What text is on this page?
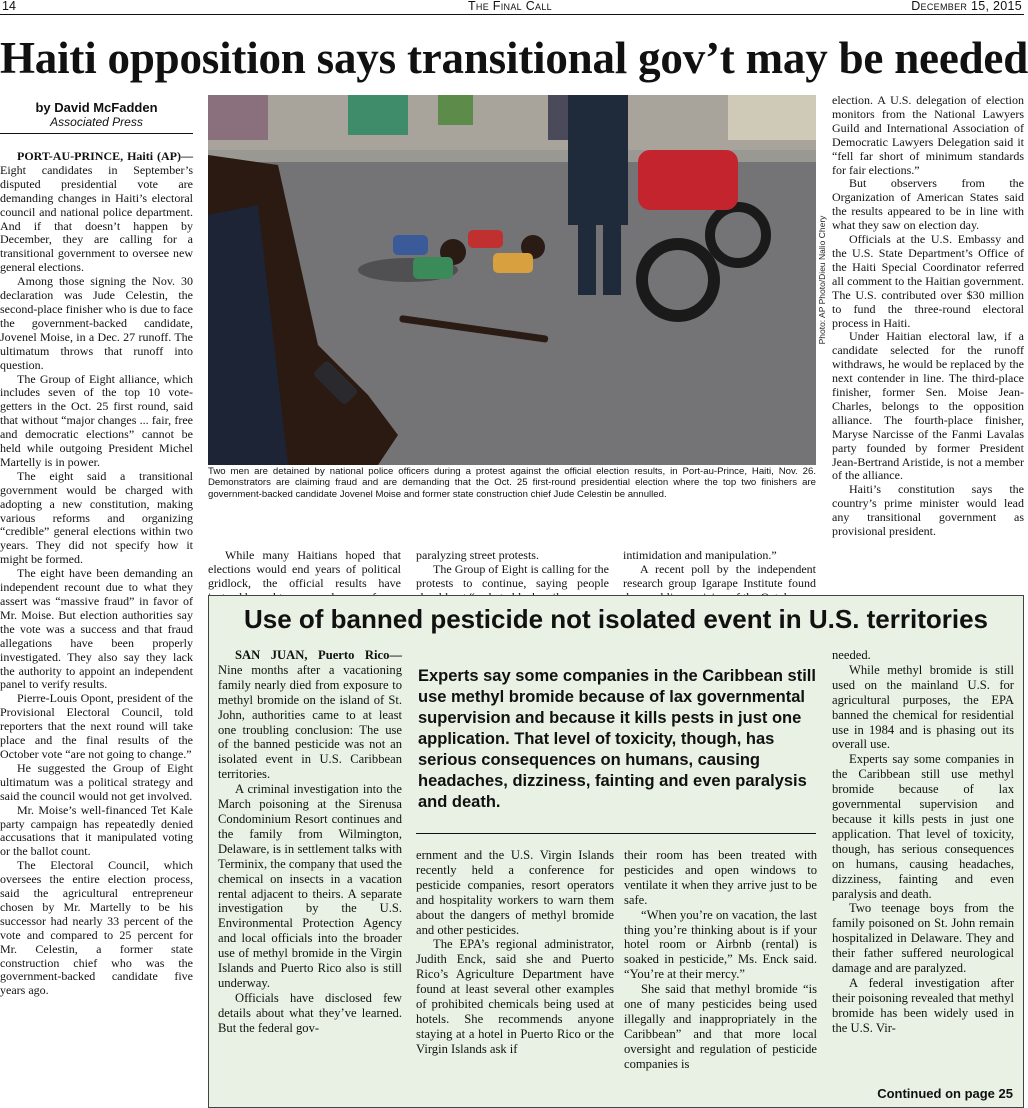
14	The Final Call	December 15, 2015
Haiti opposition says transitional gov’t may be needed
by David McFadden
Associated Press

PORT-AU-PRINCE, Haiti (AP)—Eight candidates in September’s disputed presidential vote are demanding changes in Haiti’s electoral council and national police department. And if that doesn’t happen by December, they are calling for a transitional government to oversee new general elections.

Among those signing the Nov. 30 declaration was Jude Celestin, the second-place finisher who is due to face the government-backed candidate, Jovenel Moise, in a Dec. 27 runoff. The ultimatum throws that runoff into question.

The Group of Eight alliance, which includes seven of the top 10 vote-getters in the Oct. 25 first round, said that without “major changes ... fair, free and democratic elections” cannot be held while outgoing President Michel Martelly is in power.

The eight said a transitional government would be charged with adopting a new constitution, making various reforms and organizing “credible” general elections within two years. They did not specify how it might be formed.

The eight have been demanding an independent recount due to what they assert was “massive fraud” in favor of Mr. Moise. But election authorities say the vote was a success and that fraud allegations have been properly investigated. They also say they lack the authority to appoint an independent panel to verify results.

Pierre-Louis Opont, president of the Provisional Electoral Council, told reporters that the next round will take place and the final results of the October vote “are not going to change.”

He suggested the Group of Eight ultimatum was a political strategy and said the council would not get involved.

Mr. Moise’s well-financed Tet Kale party campaign has repeatedly denied accusations that it manipulated voting or the ballot count.

The Electoral Council, which oversees the entire election process, said the agricultural entrepreneur chosen by Mr. Martelly to be his successor had nearly 33 percent of the vote and compared to 25 percent for Mr. Celestin, a former state construction chief who was the government-backed candidate five years ago.

Photo: AP Photo/Dieu Nalio Chery

Two men are detained by national police officers during a protest against the official election results, in Port-au-Prince, Haiti, Nov. 26. Demonstrators are claiming fraud and are demanding that the Oct. 25 first-round presidential election where the top two finishers are government-backed candidate Jovenel Moise and former state construction chief Jude Celestin be annulled.

While many Haitians hoped that elections would end years of political gridlock, the official results have

paralyzing street protests.

The Group of Eight is calling for the protests to continue, saying people

intimidation and manipulation.”

A recent poll by the independent research group Igarape Institute found

election. A U.S. delegation of election monitors from the National Lawyers Guild and International Association of Democratic Lawyers Delegation said it “fell far short of minimum standards for fair elections.”

But observers from the Organization of American States said the results appeared to be in line with what they saw on election day.

Officials at the U.S. Embassy and the U.S. State Department’s Office of the Haiti Special Coordinator referred all comment to the Haitian government. The U.S. contributed over $30 million to fund the three-round electoral process in Haiti.

Under Haitian electoral law, if a candidate selected for the runoff withdraws, he would be replaced by the next contender in line. The third-place finisher, former Sen. Moise Jean-Charles, belongs to the opposition alliance. The fourth-place finisher, Maryse Narcisse of the Fanmi Lavalas party founded by former President Jean-Bertrand Aristide, is not a member of the alliance.

Haiti’s constitution says the country’s prime minister would lead any transitional government as provisional president.

Use of banned pesticide not isolated event in U.S. territories

Experts say some companies in the Caribbean still use methyl bromide because of lax governmental supervision and because it kills pests in just one application. That level of toxicity, though, has serious consequences on humans, causing headaches, dizziness, fainting and even paralysis and death.

SAN JUAN, Puerto Rico—Nine months after a vacationing family nearly died from exposure to methyl bromide on the island of St. John, authorities came to at least one troubling conclusion: The use of the banned pesticide was not an isolated event in U.S. Caribbean territories.

A criminal investigation into the March poisoning at the Sirenusa Condominium Resort continues and the family from Wilmington, Delaware, is in settlement talks with Terminix, the company that used the chemical on insects in a vacation rental adjacent to theirs. A separate investigation by the U.S. Environmental Protection Agency and local officials into the broader use of methyl bromide in the Virgin Islands and Puerto Rico also is still underway.

Officials have disclosed few details about what they’ve learned. But the federal gov-

ernment and the U.S. Virgin Islands recently held a conference for pesticide companies, resort operators and hospitality workers to warn them about the dangers of methyl bromide and other pesticides.

The EPA’s regional administrator, Judith Enck, said she and Puerto Rico’s Agriculture Department have found at least several other examples of prohibited chemicals being used at hotels. She recommends anyone staying at a hotel in Puerto Rico or the Virgin Islands ask if

their room has been treated with pesticides and open windows to ventilate it when they arrive just to be safe.

“When you’re on vacation, the last thing you’re thinking about is if your hotel room or Airbnb (rental) is soaked in pesticide,” Ms. Enck said. “You’re at their mercy.”

She said that methyl bromide “is one of many pesticides being used illegally and inappropriately in the Caribbean” and that more local oversight and regulation of pesticide companies is

needed.

While methyl bromide is still used on the mainland U.S. for agricultural purposes, the EPA banned the chemical for residential use in 1984 and is phasing out its overall use.

Experts say some companies in the Caribbean still use methyl bromide because of lax governmental supervision and because it kills pests in just one application. That level of toxicity, though, has serious consequences on humans, causing headaches, dizziness, fainting and even paralysis and death.

Two teenage boys from the family poisoned on St. John remain hospitalized in Delaware. They and their father suffered neurological damage and are paralyzed.

A federal investigation after their poisoning revealed that methyl bromide has been widely used in the U.S. Vir-

Continued on page 25
